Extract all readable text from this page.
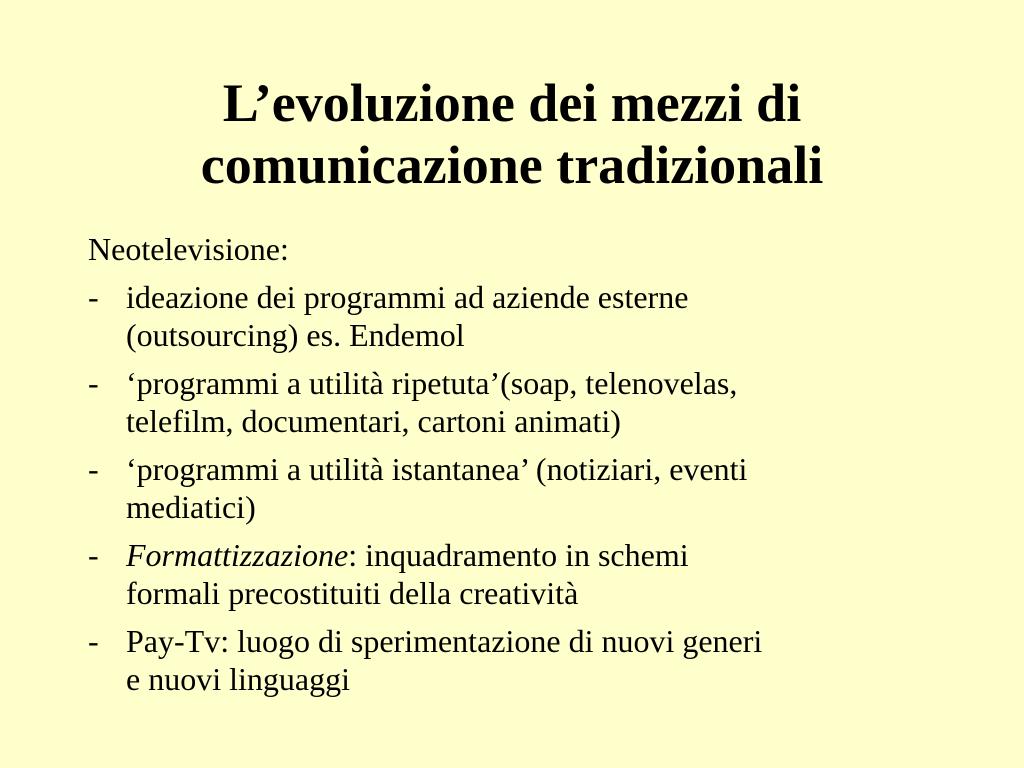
L’evoluzione dei mezzi di
comunicazione tradizionali

Neotelevisione:

- ideazione dei programmi ad aziende esterne
(outsourcing) es. Endemol
- ‘programmi a utilità ripetuta’(soap, telenovelas,
telefilm, documentari, cartoni animati)
- ‘programmi a utilità istantanea’ (notiziari, eventi
mediatici)
- Formattizzazione: inquadramento in schemi
formali precostituiti della creatività
- Pay-Tv: luogo di sperimentazione di nuovi generi
e nuovi linguaggi
